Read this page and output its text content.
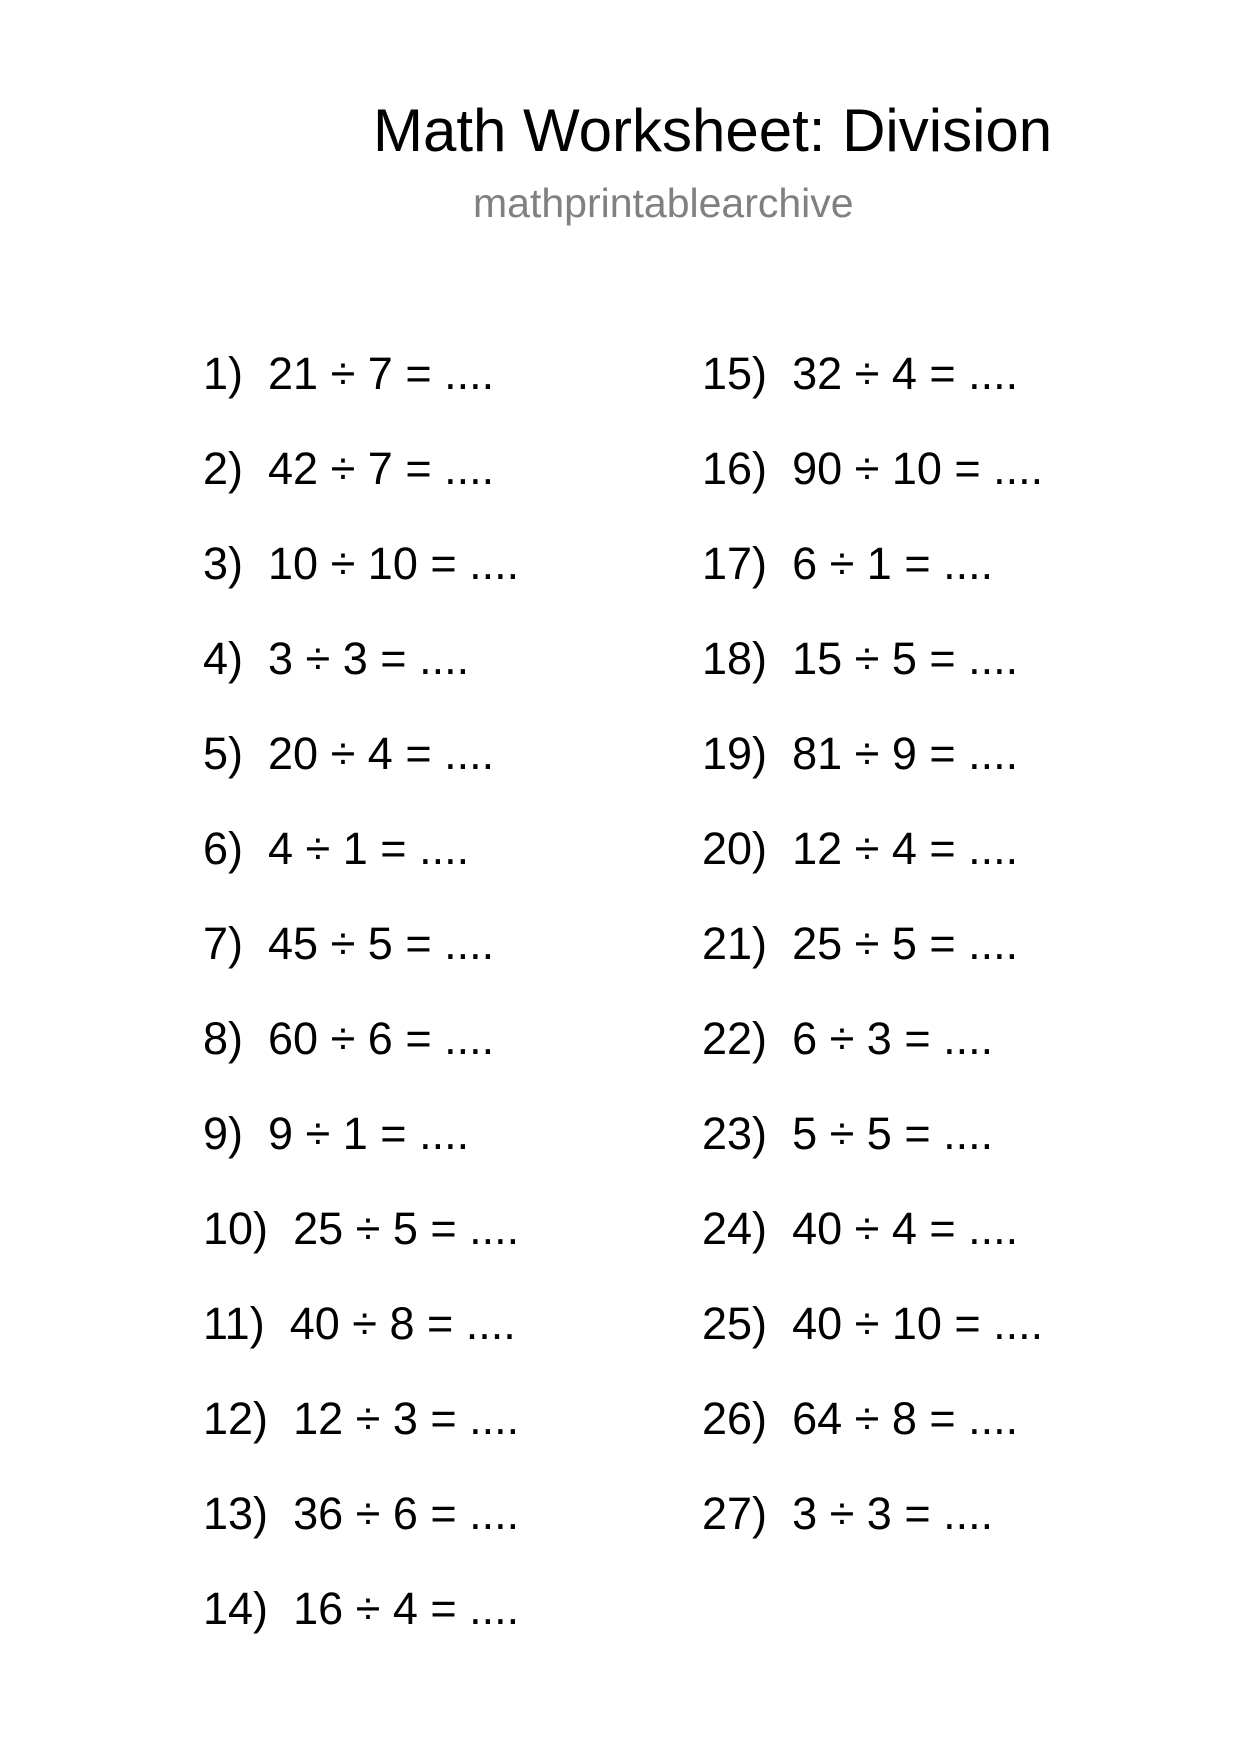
Math Worksheet: Division
mathprintablearchive
1) 21 ÷ 7 = ....
2) 42 ÷ 7 = ....
3) 10 ÷ 10 = ....
4) 3 ÷ 3 = ....
5) 20 ÷ 4 = ....
6) 4 ÷ 1 = ....
7) 45 ÷ 5 = ....
8) 60 ÷ 6 = ....
9) 9 ÷ 1 = ....
10) 25 ÷ 5 = ....
11) 40 ÷ 8 = ....
12) 12 ÷ 3 = ....
13) 36 ÷ 6 = ....
14) 16 ÷ 4 = ....
15) 32 ÷ 4 = ....
16) 90 ÷ 10 = ....
17) 6 ÷ 1 = ....
18) 15 ÷ 5 = ....
19) 81 ÷ 9 = ....
20) 12 ÷ 4 = ....
21) 25 ÷ 5 = ....
22) 6 ÷ 3 = ....
23) 5 ÷ 5 = ....
24) 40 ÷ 4 = ....
25) 40 ÷ 10 = ....
26) 64 ÷ 8 = ....
27) 3 ÷ 3 = ....
